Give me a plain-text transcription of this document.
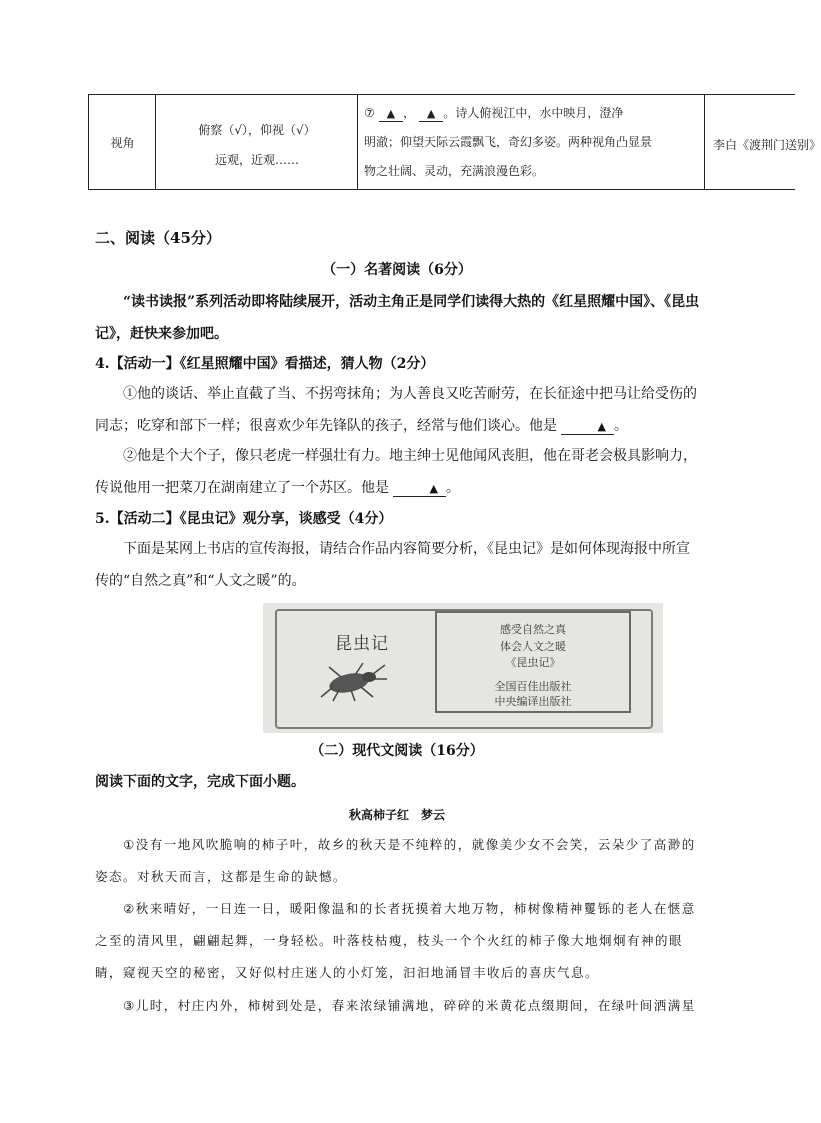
视角
俯察（√），仰视（√）
远观，近观……
⑦ ▲ ， ▲ 。诗人俯视江中，水中映月，澄净
明澈；仰望天际云霞飘飞，奇幻多姿。两种视角凸显景
物之壮阔、灵动，充满浪漫色彩。
李白《渡荆门送别》
二、阅读（45分）
（一）名著阅读（6分）
“读书读报”系列活动即将陆续展开，活动主角正是同学们读得大热的《红星照耀中国》、《昆虫记》，赶快来参加吧。
4.【活动一】《红星照耀中国》看描述，猜人物（2分）
①他的谈话、举止直截了当、不拐弯抹角；为人善良又吃苦耐劳，在长征途中把马让给受伤的同志；吃穿和部下一样；很喜欢少年先锋队的孩子，经常与他们谈心。他是	▲ 。
②他是个大个子，像只老虎一样强壮有力。地主绅士见他闻风丧胆，他在哥老会极具影响力，传说他用一把菜刀在湖南建立了一个苏区。他是	▲ 。
5.【活动二】《昆虫记》观分享，谈感受（4分）
下面是某网上书店的宣传海报，请结合作品内容简要分析，《昆虫记》是如何体现海报中所宣传的“自然之真”和“人文之暖”的。
昆虫记
感受自然之真
体会人文之暖
《昆虫记》
全国百佳出版社
中央编译出版社
（二）现代文阅读（16分）
阅读下面的文字，完成下面小题。
秋高柿子红　梦云
①没有一地风吹脆响的柿子叶，故乡的秋天是不纯粹的，就像美少女不会笑，云朵少了高渺的姿态。对秋天而言，这都是生命的缺憾。
②秋来晴好，一日连一日，暖阳像温和的长者抚摸着大地万物，柿树像精神矍铄的老人在惬意之至的清风里，翩翩起舞，一身轻松。叶落枝枯瘦，枝头一个个火红的柿子像大地炯炯有神的眼睛，窥视天空的秘密，又好似村庄迷人的小灯笼，汩汩地涌冒丰收后的喜庆气息。
③儿时，村庄内外，柿树到处是，春来浓绿铺满地，碎碎的米黄花点缀期间，在绿叶间洒满星
